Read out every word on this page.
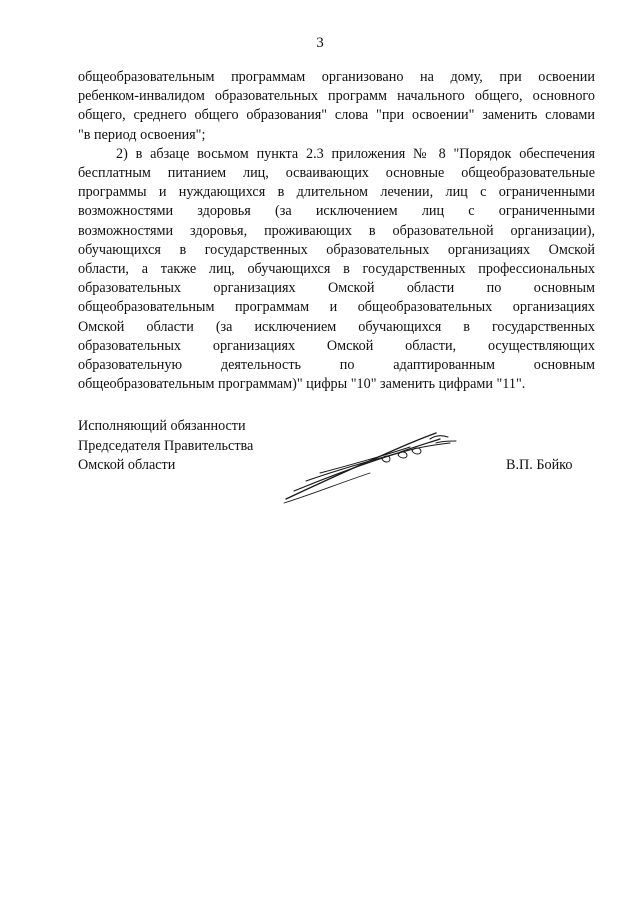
3
общеобразовательным программам организовано на дому, при освоении
ребенком-инвалидом образовательных программ начального общего, основного
общего, среднего общего образования" слова "при освоении" заменить словами
"в период освоения";
2) в абзаце восьмом пункта 2.3 приложения № 8 "Порядок обеспечения
бесплатным питанием лиц, осваивающих основные общеобразовательные
программы и нуждающихся в длительном лечении, лиц с ограниченными
возможностями здоровья (за исключением лиц с ограниченными
возможностями здоровья, проживающих в образовательной организации),
обучающихся в государственных образовательных организациях Омской
области, а также лиц, обучающихся в государственных профессиональных
образовательных организациях Омской области по основным
общеобразовательным программам и общеобразовательных организациях
Омской области (за исключением обучающихся в государственных
образовательных организациях Омской области, осуществляющих
образовательную деятельность по адаптированным основным
общеобразовательным программам)" цифры "10" заменить цифрами "11".
Исполняющий обязанности
Председателя Правительства
Омской области	В.П. Бойко
